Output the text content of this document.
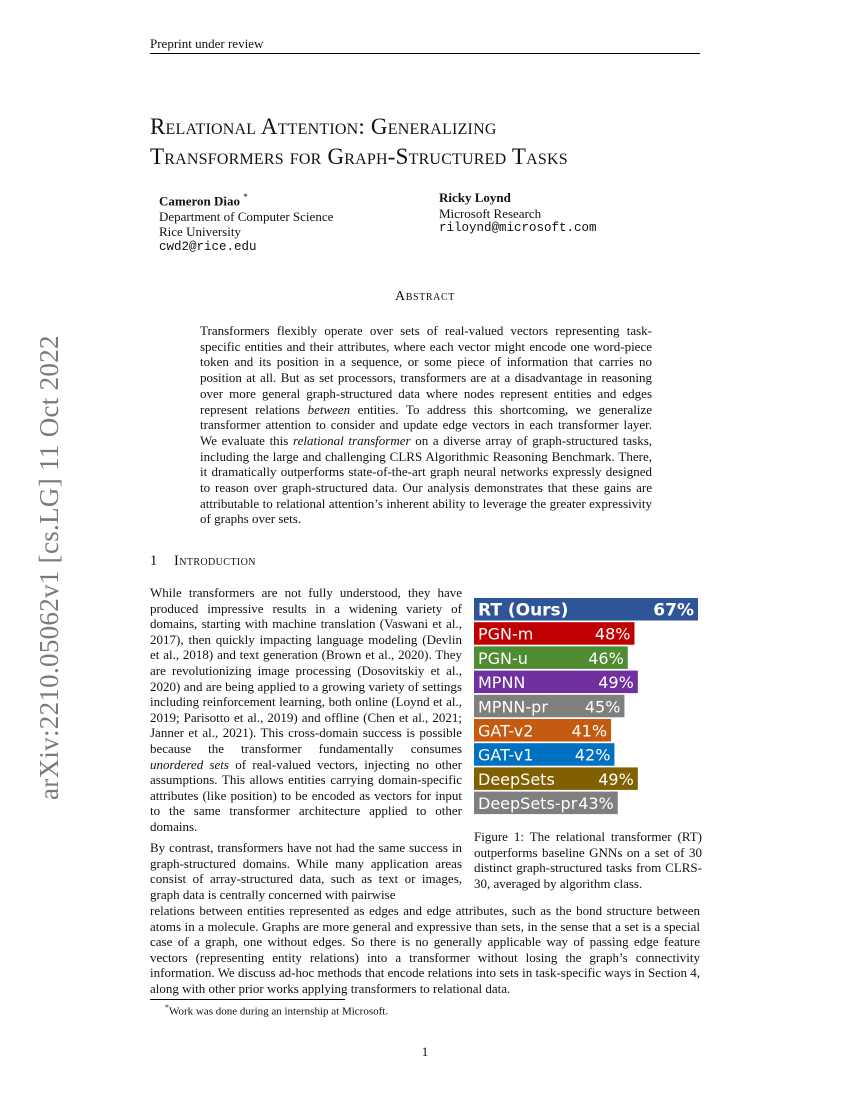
Preprint under review
Relational Attention: Generalizing
Transformers for Graph-Structured Tasks
Cameron Diao *
Department of Computer Science
Rice University
cwd2@rice.edu
Ricky Loynd
Microsoft Research
riloynd@microsoft.com
arXiv:2210.05062v1 [cs.LG] 11 Oct 2022
Abstract
Transformers flexibly operate over sets of real-valued vectors representing task-specific entities and their attributes, where each vector might encode one word-piece token and its position in a sequence, or some piece of information that carries no position at all. But as set processors, transformers are at a disadvantage in reasoning over more general graph-structured data where nodes represent entities and edges represent relations between entities. To address this shortcoming, we generalize transformer attention to consider and update edge vectors in each transformer layer. We evaluate this relational transformer on a diverse array of graph-structured tasks, including the large and challenging CLRS Algorithmic Reasoning Benchmark. There, it dramatically outperforms state-of-the-art graph neural networks expressly designed to reason over graph-structured data. Our analysis demonstrates that these gains are attributable to relational attention’s inherent ability to leverage the greater expressivity of graphs over sets.
1 Introduction
While transformers are not fully understood, they have produced impressive results in a widening variety of domains, starting with machine translation (Vaswani et al., 2017), then quickly impacting language modeling (Devlin et al., 2018) and text generation (Brown et al., 2020). They are revolutionizing image processing (Dosovitskiy et al., 2020) and are being applied to a growing variety of settings including reinforcement learning, both online (Loynd et al., 2019; Parisotto et al., 2019) and offline (Chen et al., 2021; Janner et al., 2021). This cross-domain success is possible because the transformer fundamentally consumes unordered sets of real-valued vectors, injecting no other assumptions. This allows entities carrying domain-specific attributes (like position) to be encoded as vectors for input to the same transformer architecture applied to other domains.
By contrast, transformers have not had the same success in graph-structured domains. While many application areas consist of array-structured data, such as text or images, graph data is centrally concerned with pairwise
relations between entities represented as edges and edge attributes, such as the bond structure between atoms in a molecule. Graphs are more general and expressive than sets, in the sense that a set is a special case of a graph, one without edges. So there is no generally applicable way of passing edge feature vectors (representing entity relations) into a transformer without losing the graph’s connectivity information. We discuss ad-hoc methods that encode relations into sets in task-specific ways in Section 4, along with other prior works applying transformers to relational data.
RT (Ours)	67%
PGN-m	48%
PGN-u	46%
MPNN	49%
MPNN-pr 45%
GAT-v2 41%
GAT-v1	42%
DeepSets	49%
DeepSets-pr 43%
Figure 1: The relational transformer (RT) outperforms baseline GNNs on a set of 30 distinct graph-structured tasks from CLRS-30, averaged by algorithm class.
*Work was done during an internship at Microsoft.
1
